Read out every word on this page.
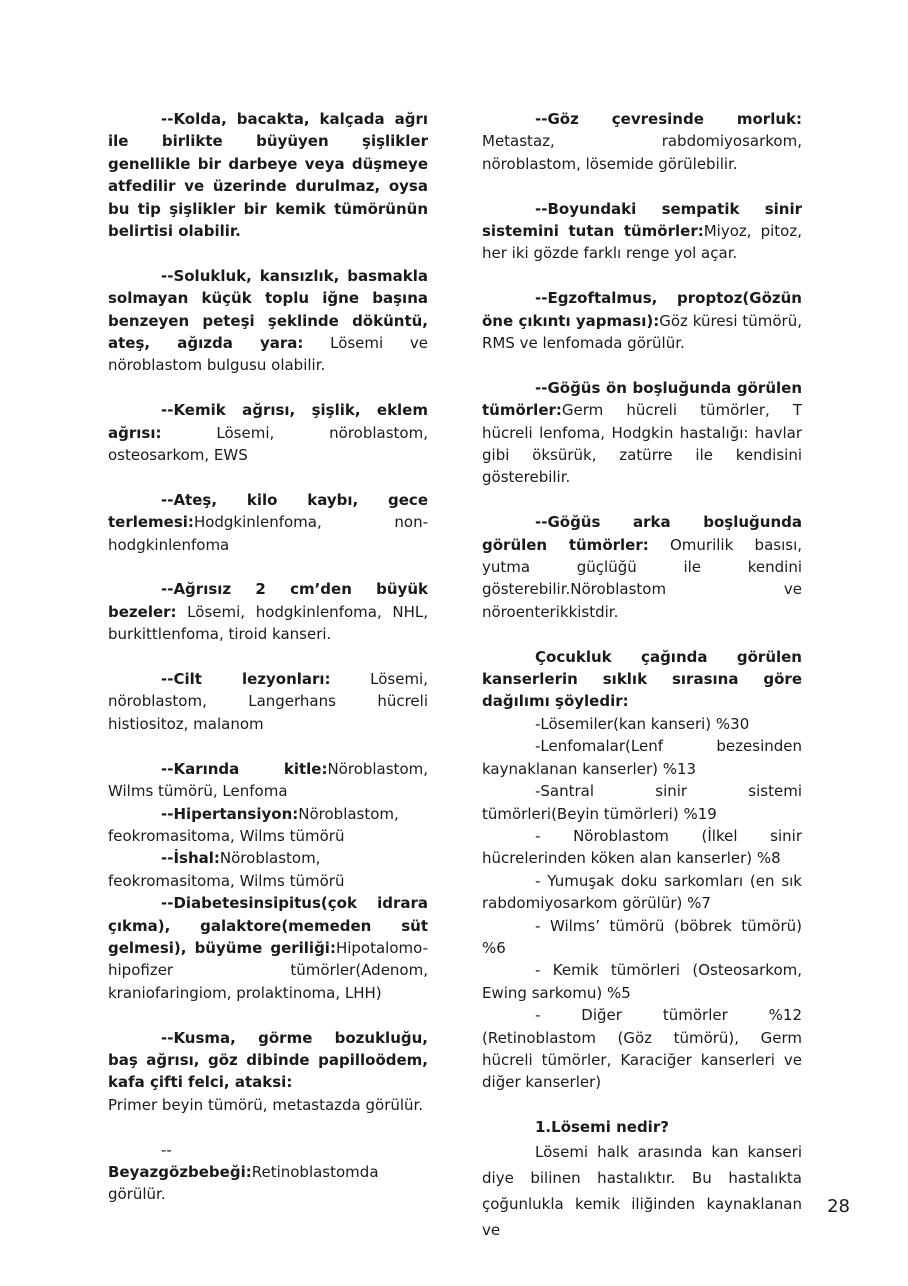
--Kolda, bacakta, kalçada ağrı ile birlikte büyüyen şişlikler genellikle bir darbeye veya düşmeye atfedilir ve üzerinde durulmaz, oysa bu tip şişlikler bir kemik tümörünün belirtisi olabilir.

--Solukluk, kansızlık, basmakla solmayan küçük toplu iğne başına benzeyen peteşi şeklinde döküntü, ateş, ağızda yara: Lösemi ve nöroblastom bulgusu olabilir.

--Kemik ağrısı, şişlik, eklem ağrısı:	Lösemi, nöroblastom, osteosarkom, EWS

--Ateş, kilo kaybı, gece terlemesi:Hodgkinlenfoma, non-hodgkinlenfoma

--Ağrısız 2 cm’den büyük bezeler: Lösemi, hodgkinlenfoma, NHL, burkittlenfoma, tiroid kanseri.

--Cilt lezyonları: Lösemi, nöroblastom, Langerhans hücreli histiositoz, malanom

--Karında kitle:Nöroblastom, Wilms tümörü, Lenfoma

--Hipertansiyon:Nöroblastom, feokromasitoma, Wilms tümörü

--İshal:Nöroblastom, feokromasitoma, Wilms tümörü

--Diabetesinsipitus(çok idrara çıkma), galaktore(memeden süt gelmesi), büyüme geriliği:Hipotalomo-hipofizer tümörler(Adenom, kraniofaringiom, prolaktinoma, LHH)

--Kusma, görme bozukluğu, baş ağrısı, göz dibinde papilloödem, kafa çifti felci, ataksi:

Primer beyin tümörü, metastazda görülür.

--Beyazgözbebeği:Retinoblastomda görülür.

--Göz çevresinde morluk: Metastaz, rabdomiyosarkom, nöroblastom, lösemide görülebilir.

--Boyundaki sempatik sinir sistemini tutan tümörler:Miyoz, pitoz, her iki gözde farklı renge yol açar.

--Egzoftalmus, proptoz(Gözün öne çıkıntı yapması):Göz küresi tümörü, RMS ve lenfomada görülür.

--Göğüs ön boşluğunda görülen tümörler:Germ hücreli tümörler, T hücreli lenfoma, Hodgkin hastalığı: havlar gibi öksürük, zatürre ile kendisini gösterebilir.

--Göğüs arka boşluğunda görülen tümörler: Omurilik basısı, yutma güçlüğü ile kendini gösterebilir.Nöroblastom ve nöroenterikkistdir.

Çocukluk çağında görülen kanserlerin sıklık sırasına göre dağılımı şöyledir:

-Lösemiler(kan kanseri) %30

-Lenfomalar(Lenf bezesinden kaynaklanan kanserler) %13

-Santral sinir sistemi tümörleri(Beyin tümörleri) %19

- Nöroblastom (İlkel sinir hücrelerinden köken alan kanserler) %8

- Yumuşak doku sarkomları (en sık rabdomiyosarkom görülür) %7

- Wilms’ tümörü (böbrek tümörü) %6

- Kemik tümörleri (Osteosarkom, Ewing sarkomu) %5

- Diğer tümörler %12 (Retinoblastom (Göz tümörü), Germ hücreli tümörler, Karaciğer kanserleri ve diğer kanserler)

1.Lösemi nedir?

Lösemi halk arasında kan kanseri diye bilinen hastalıktır. Bu hastalıkta çoğunlukla kemik iliğinden kaynaklanan ve

28
